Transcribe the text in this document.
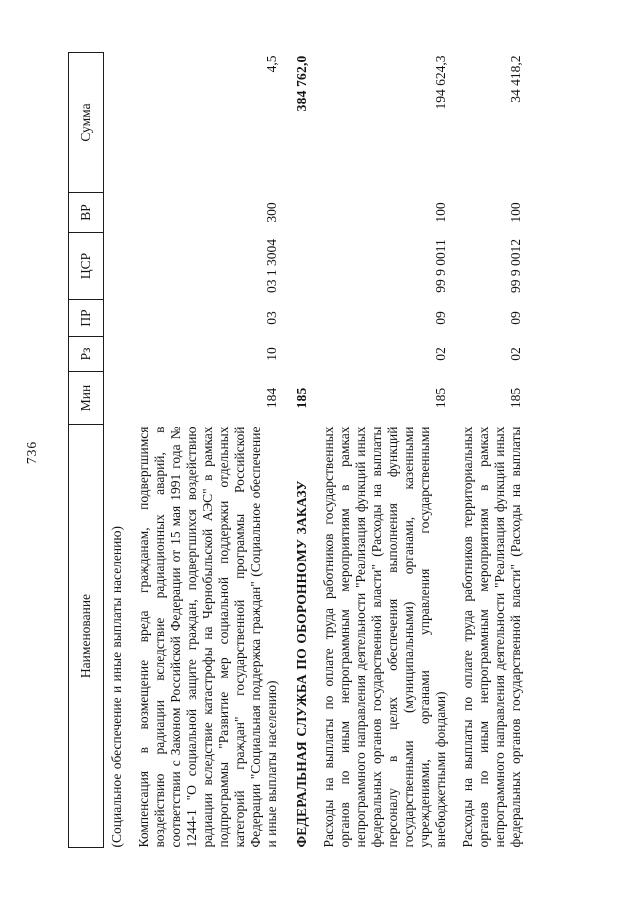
736
Наименование	Мин	Рз	ПР	ЦСР	ВР	Сумма
(Социальное обеспечение и иные выплаты населению)						
Компенсация в возмещение вреда гражданам, подвергшимся воздействию радиации вследствие радиационных аварий, в соответствии с Законом Российской Федерации от 15 мая 1991 года № 1244-1 "О социальной защите граждан, подвергшихся воздействию радиации вследствие катастрофы на Чернобыльской АЭС" в рамках подпрограммы "Развитие мер социальной поддержки отдельных категорий граждан" государственной программы Российской Федерации "Социальная поддержка граждан" (Социальное обеспечение и иные выплаты населению)	184	10	03	03 1 3004	300	4,5
ФЕДЕРАЛЬНАЯ СЛУЖБА ПО ОБОРОННОМУ ЗАКАЗУ	185					384 762,0
Расходы на выплаты по оплате труда работников государственных органов по иным непрограммным мероприятиям в рамках непрограммного направления деятельности "Реализация функций иных федеральных органов государственной власти" (Расходы на выплаты персоналу в целях обеспечения выполнения функций государственными (муниципальными) органами, казенными учреждениями, органами управления государственными внебюджетными фондами)	185	02	09	99 9 0011	100	194 624,3
Расходы на выплаты по оплате труда работников территориальных органов по иным непрограммным мероприятиям в рамках непрограммного направления деятельности "Реализация функций иных федеральных органов государственной власти" (Расходы на выплаты	185	02	09	99 9 0012	100	34 418,2
